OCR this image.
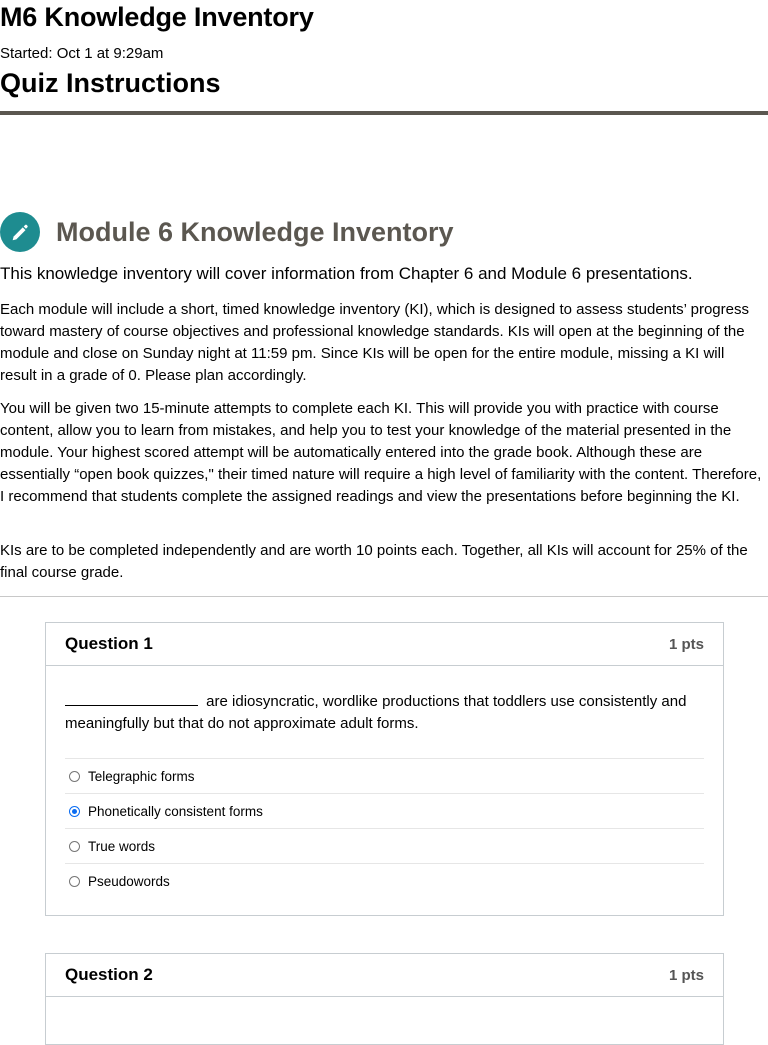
M6 Knowledge Inventory

Started: Oct 1 at 9:29am

Quiz Instructions
Module 6 Knowledge Inventory

This knowledge inventory will cover information from Chapter 6 and Module 6 presentations.

Each module will include a short, timed knowledge inventory (KI), which is designed to assess students’ progress toward mastery of course objectives and professional knowledge standards. KIs will open at the beginning of the module and close on Sunday night at 11:59 pm. Since KIs will be open for the entire module, missing a KI will result in a grade of 0. Please plan accordingly.

You will be given two 15-minute attempts to complete each KI. This will provide you with practice with course content, allow you to learn from mistakes, and help you to test your knowledge of the material presented in the module. Your highest scored attempt will be automatically entered into the grade book. Although these are essentially “open book quizzes," their timed nature will require a high level of familiarity with the content. Therefore, I recommend that students complete the assigned readings and view the presentations before beginning the KI.

KIs are to be completed independently and are worth 10 points each. Together, all KIs will account for 25% of the final course grade.

Question 1	1 pts
are idiosyncratic, wordlike productions that toddlers use consistently and meaningfully but that do not approximate adult forms.
Telegraphic forms
Phonetically consistent forms
True words
Pseudowords
Question 2	1 pts
